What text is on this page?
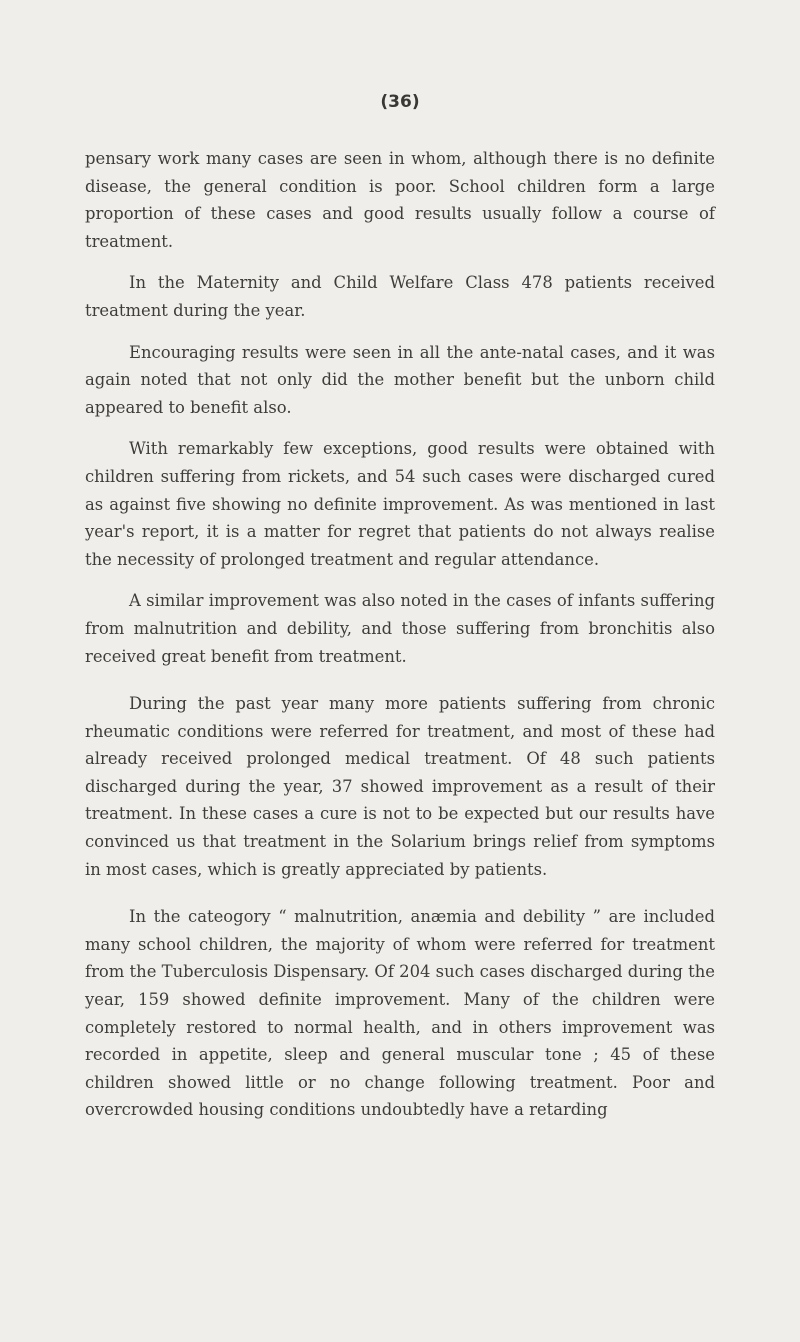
(36)

pensary work many cases are seen in whom, although there is no definite disease, the general condition is poor. School children form a large proportion of these cases and good results usually follow a course of treatment.

In the Maternity and Child Welfare Class 478 patients received treatment during the year.

Encouraging results were seen in all the ante-natal cases, and it was again noted that not only did the mother benefit but the unborn child appeared to benefit also.

With remarkably few exceptions, good results were obtained with children suffering from rickets, and 54 such cases were discharged cured as against five showing no definite improvement. As was mentioned in last year's report, it is a matter for regret that patients do not always realise the necessity of prolonged treatment and regular attendance.

A similar improvement was also noted in the cases of infants suffering from malnutrition and debility, and those suffering from bronchitis also received great benefit from treatment.

During the past year many more patients suffering from chronic rheumatic conditions were referred for treatment, and most of these had already received prolonged medical treatment. Of 48 such patients discharged during the year, 37 showed improvement as a result of their treatment. In these cases a cure is not to be expected but our results have convinced us that treatment in the Solarium brings relief from symptoms in most cases, which is greatly appreciated by patients.

In the cateogory “ malnutrition, anæmia and debility ” are included many school children, the majority of whom were referred for treatment from the Tuberculosis Dispensary. Of 204 such cases discharged during the year, 159 showed definite improvement. Many of the children were completely restored to normal health, and in others improvement was recorded in appetite, sleep and general muscular tone ; 45 of these children showed little or no change following treatment. Poor and overcrowded housing conditions undoubtedly have a retarding
